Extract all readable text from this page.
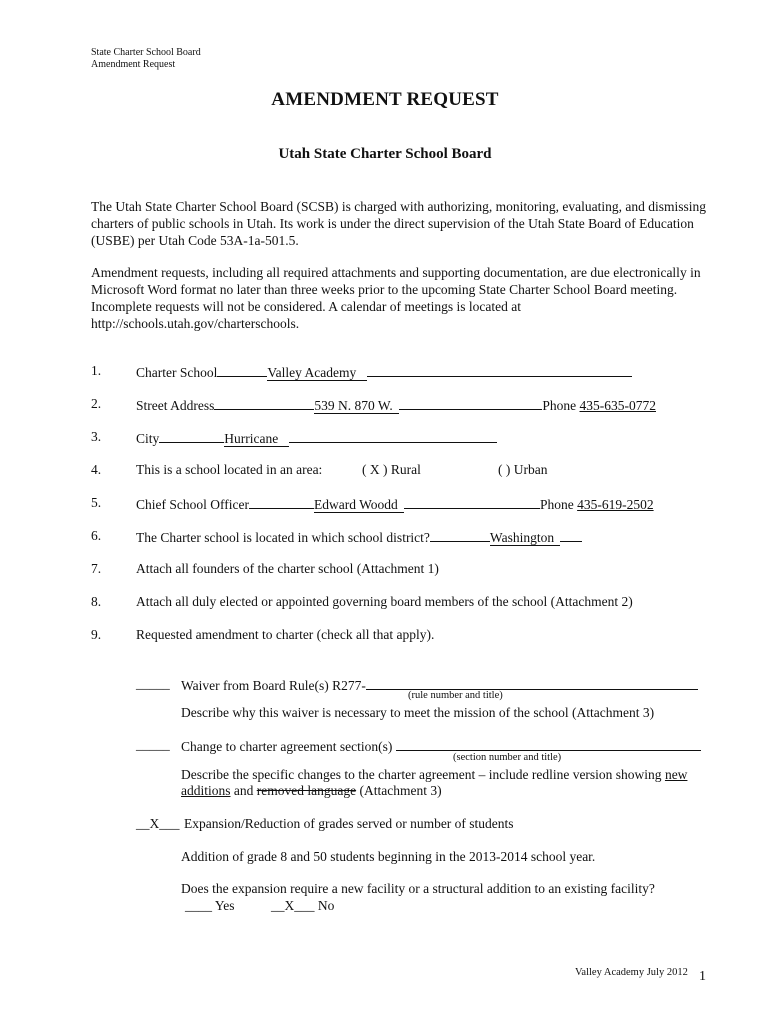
State Charter School Board
Amendment Request
AMENDMENT REQUEST
Utah State Charter School Board

The Utah State Charter School Board (SCSB) is charged with authorizing, monitoring, evaluating, and dismissing charters of public schools in Utah. Its work is under the direct supervision of the Utah State Board of Education (USBE) per Utah Code 53A-1a-501.5.

Amendment requests, including all required attachments and supporting documentation, are due electronically in Microsoft Word format no later than three weeks prior to the upcoming State Charter School Board meeting. Incomplete requests will not be considered. A calendar of meetings is located at http://schools.utah.gov/charterschools.

1.	Charter School	Valley Academy
2.	Street Address	539 N. 870 W.	Phone 435-635-0772
3.	City	Hurricane
4.	This is a school located in an area:	( X ) Rural	( ) Urban
5.	Chief School Officer	Edward Woodd	Phone 435-619-2502
6.	The Charter school is located in which school district?	Washington
7.	Attach all founders of the charter school (Attachment 1)
8.	Attach all duly elected or appointed governing board members of the school (Attachment 2)
9.	Requested amendment to charter (check all that apply).
_____ Waiver from Board Rule(s) R277-
(rule number and title)
Describe why this waiver is necessary to meet the mission of the school (Attachment 3)
_____ Change to charter agreement section(s)
(section number and title)
Describe the specific changes to the charter agreement – include redline version showing new
additions and removed language (Attachment 3)
__X___ Expansion/Reduction of grades served or number of students
Addition of grade 8 and 50 students beginning in the 2013-2014 school year.
Does the expansion require a new facility or a structural addition to an existing facility?
____ Yes	__X___ No
Valley Academy July 2012 1
